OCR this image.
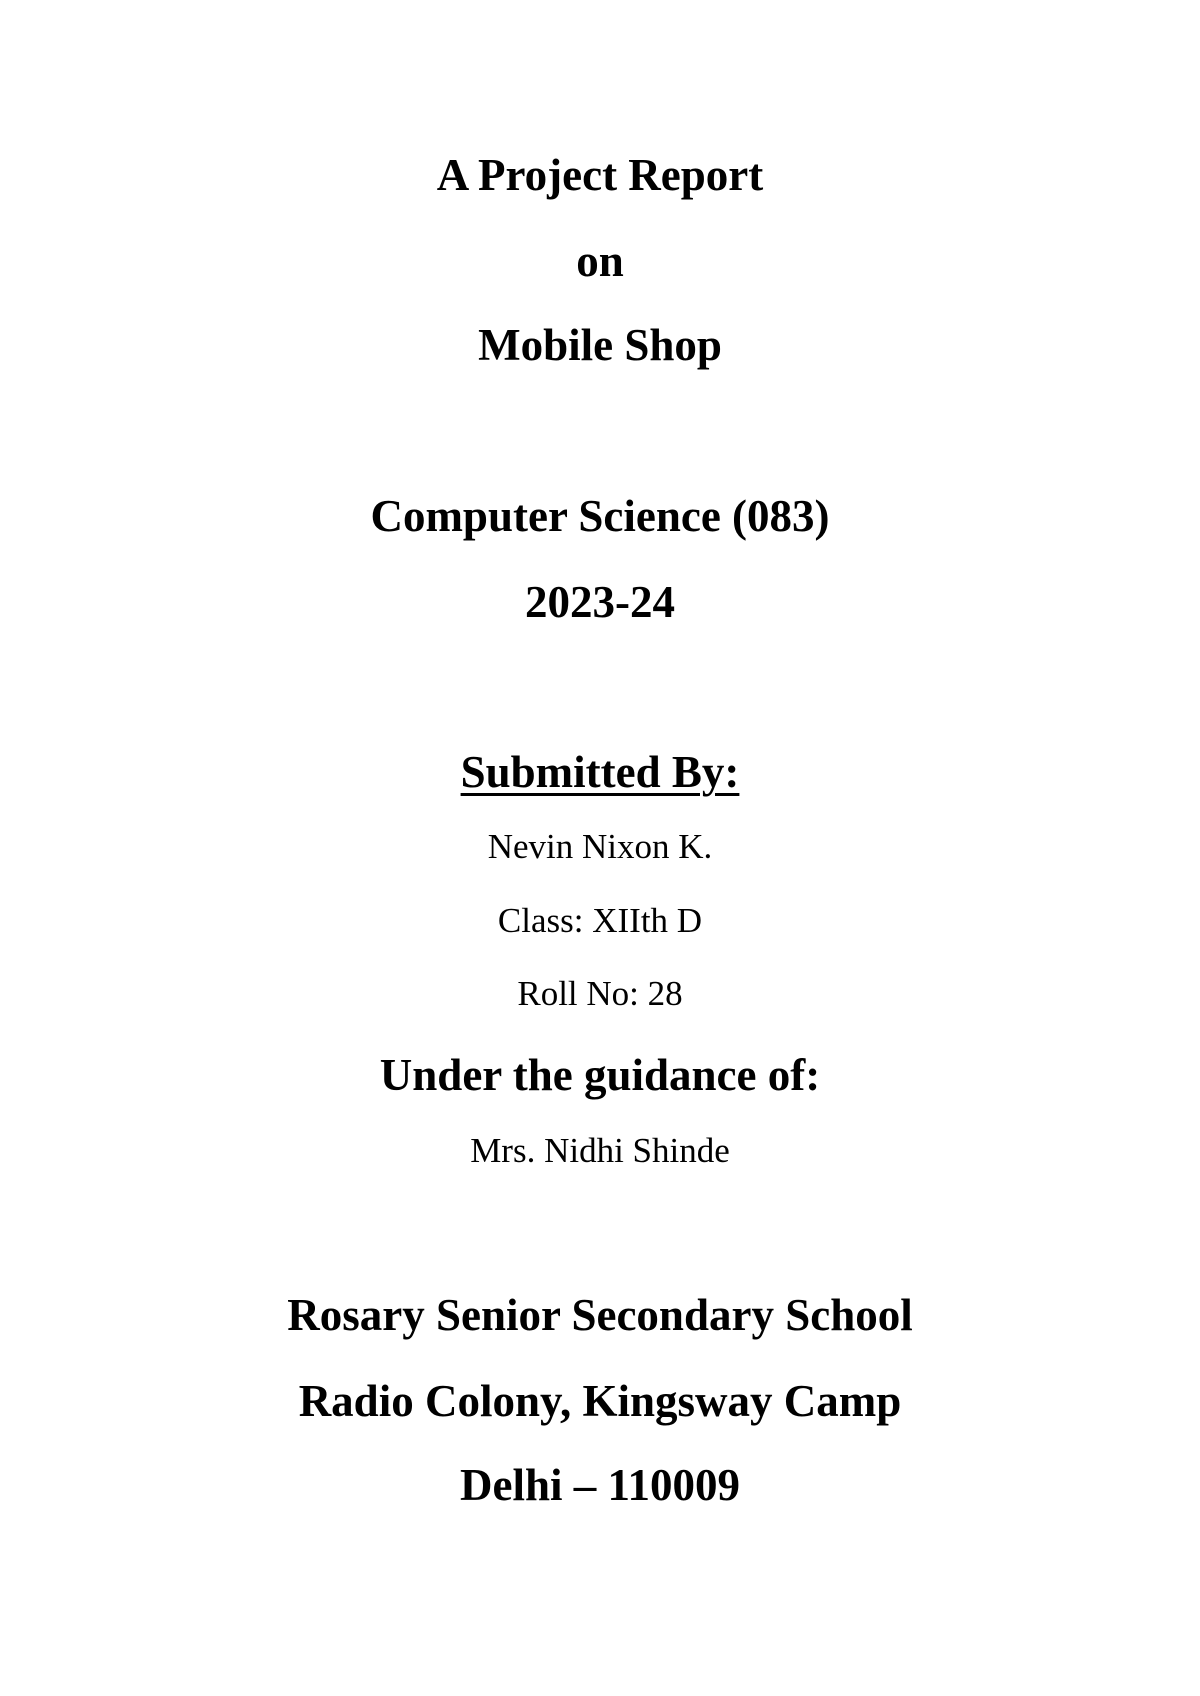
A Project Report
on
Mobile Shop
Computer Science (083)
2023-24
Submitted By:
Nevin Nixon K.
Class: XIIth D
Roll No: 28
Under the guidance of:
Mrs. Nidhi Shinde
Rosary Senior Secondary School
Radio Colony, Kingsway Camp
Delhi – 110009
